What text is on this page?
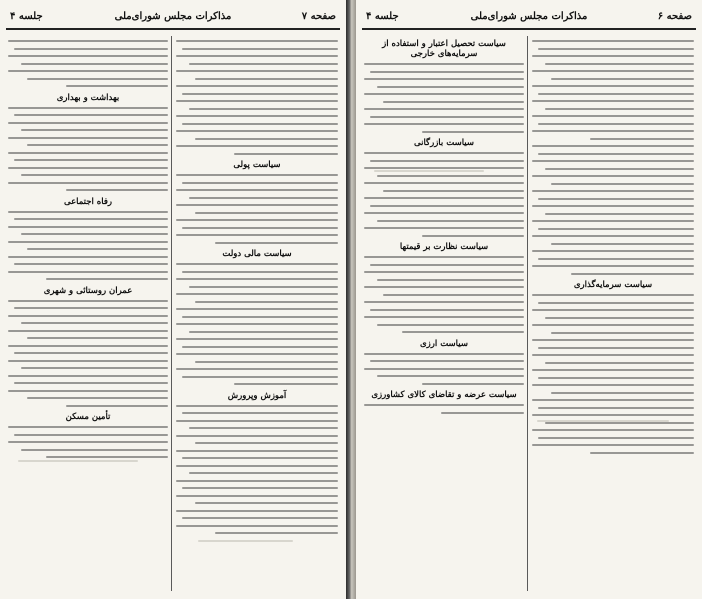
صفحه ۷
مذاکرات مجلس شورای‌ملی
جلسه ۴
سیاست پولی
سیاست مالی دولت
آموزش وپرورش
بهداشت و بهداری
رفاه اجتماعی
عمران روستائی و شهری
تأمین مسکن
صفحه ۶
مذاکرات مجلس شورای‌ملی
جلسه ۴
سیاست سرمایه‌گذاری
سیاست تحصیل اعتبار و استفاده از سرمایه‌های خارجی
سیاست بازرگانی
سیاست نظارت بر قیمتها
سیاست ارزی
سیاست عرضه و تقاضای کالای کشاورزی
